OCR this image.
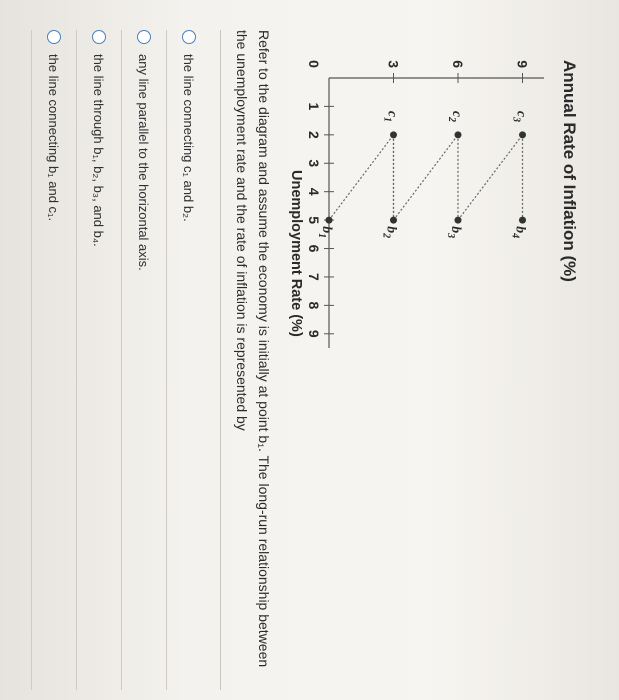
Annual Rate of Inflation (%)
0
1
2
3
4
5
6
7
8
9
3	6	9
$b_1$
$b_2$
$b_3$
$b_4$
$c_1$
$c_2$
$c_3$
Unemployment Rate (%)
Refer to the diagram and assume the economy is initially at point b₁. The long-run relationship between the unemployment rate and the rate of inflation is represented by
the line connecting c₁ and b₂.
any line parallel to the horizontal axis.
the line through b₁, b₂, b₃, and b₄.
the line connecting b₁ and c₁.
